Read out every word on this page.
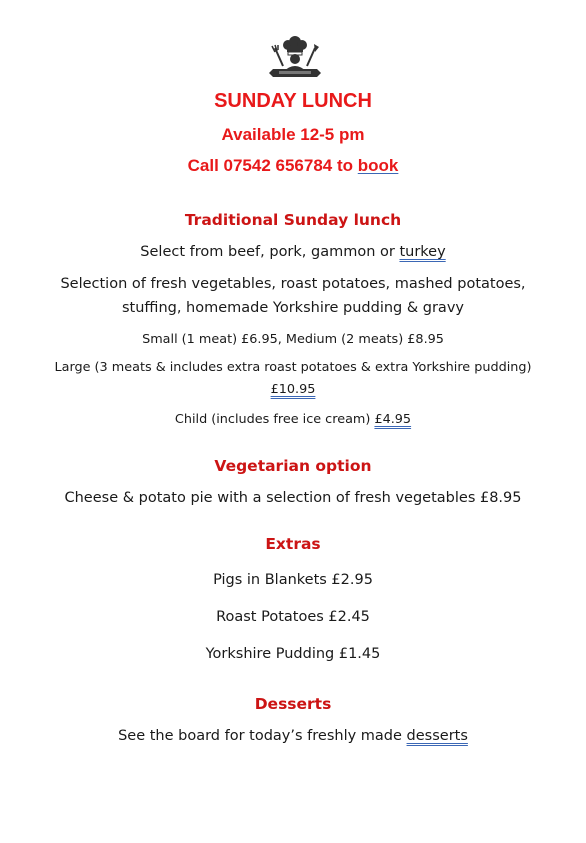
SUNDAY LUNCH
Available 12-5 pm
Call 07542 656784 to book
Traditional Sunday lunch
Select from beef, pork, gammon or turkey
Selection of fresh vegetables, roast potatoes, mashed potatoes,
stuffing, homemade Yorkshire pudding & gravy
Small (1 meat) £6.95, Medium (2 meats) £8.95
Large (3 meats & includes extra roast potatoes & extra Yorkshire pudding)
£10.95
Child (includes free ice cream) £4.95
Vegetarian option
Cheese & potato pie with a selection of fresh vegetables £8.95
Extras
Pigs in Blankets £2.95
Roast Potatoes £2.45
Yorkshire Pudding £1.45
Desserts
See the board for today’s freshly made desserts
